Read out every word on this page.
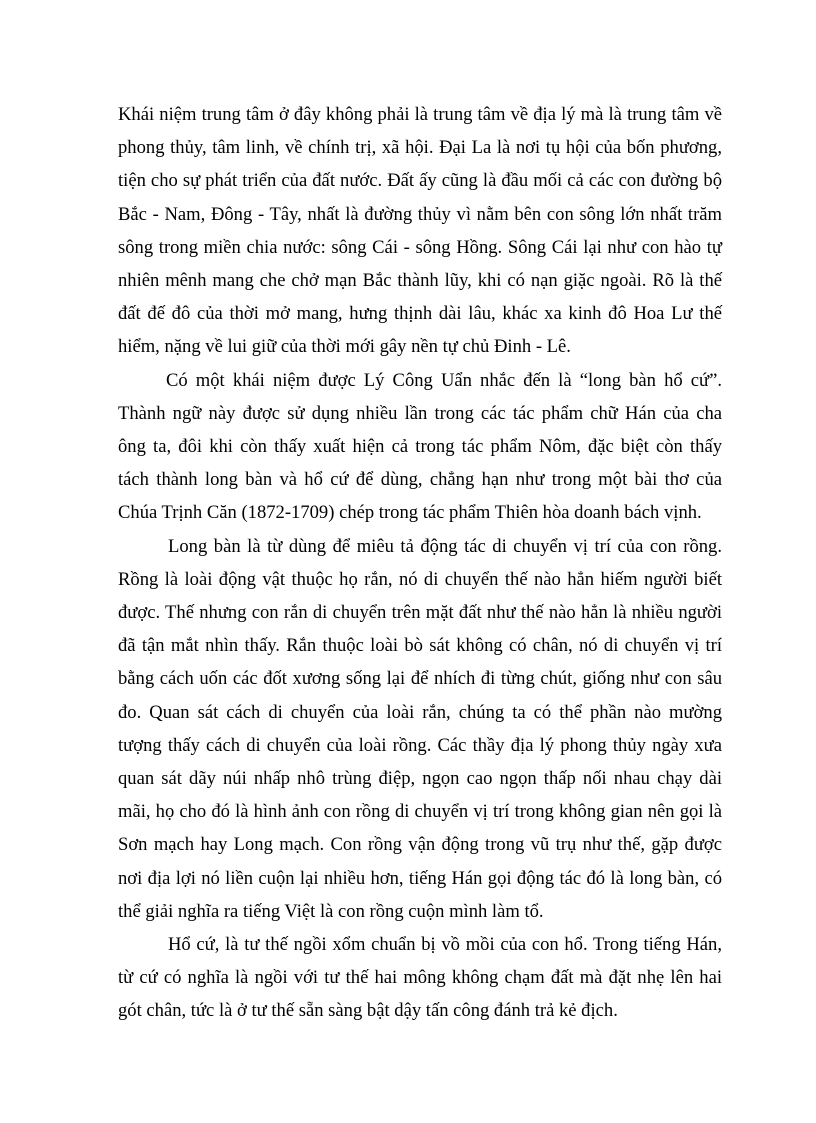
Khái niệm trung tâm ở đây không phải là trung tâm về địa lý mà là trung tâm về
phong thủy, tâm linh, về chính trị, xã hội. Đại La là nơi tụ hội của bốn phương,
tiện cho sự phát triển của đất nước. Đất ấy cũng là đầu mối cả các con đường bộ
Bắc - Nam, Đông - Tây, nhất là đường thủy vì nằm bên con sông lớn nhất trăm
sông trong miền chia nước: sông Cái - sông Hồng. Sông Cái lại như con hào tự
nhiên mênh mang che chở mạn Bắc thành lũy, khi có nạn giặc ngoài. Rõ là thế
đất đế đô của thời mở mang, hưng thịnh dài lâu, khác xa kinh đô Hoa Lư thế
hiểm, nặng về lui giữ của thời mới gây nền tự chủ Đinh - Lê.
Có một khái niệm được Lý Công Uẩn nhắc đến là “long bàn hổ cứ”.
Thành ngữ này được sử dụng nhiều lần trong các tác phẩm chữ Hán của cha
ông ta, đôi khi còn thấy xuất hiện cả trong tác phẩm Nôm, đặc biệt còn thấy
tách thành long bàn và hổ cứ để dùng, chẳng hạn như trong một bài thơ của
Chúa Trịnh Căn (1872-1709) chép trong tác phẩm Thiên hòa doanh bách vịnh.
Long bàn là từ dùng để miêu tả động tác di chuyển vị trí của con rồng.
Rồng là loài động vật thuộc họ rắn, nó di chuyển thế nào hẳn hiếm người biết
được. Thế nhưng con rắn di chuyển trên mặt đất như thế nào hẳn là nhiều người
đã tận mắt nhìn thấy. Rắn thuộc loài bò sát không có chân, nó di chuyển vị trí
bằng cách uốn các đốt xương sống lại để nhích đi từng chút, giống như con sâu
đo. Quan sát cách di chuyển của loài rắn, chúng ta có thể phần nào mường
tượng thấy cách di chuyển của loài rồng. Các thầy địa lý phong thủy ngày xưa
quan sát dãy núi nhấp nhô trùng điệp, ngọn cao ngọn thấp nối nhau chạy dài
mãi, họ cho đó là hình ảnh con rồng di chuyển vị trí trong không gian nên gọi là
Sơn mạch hay Long mạch. Con rồng vận động trong vũ trụ như thế, gặp được
nơi địa lợi nó liền cuộn lại nhiều hơn, tiếng Hán gọi động tác đó là long bàn, có
thể giải nghĩa ra tiếng Việt là con rồng cuộn mình làm tổ.
Hổ cứ, là tư thế ngồi xổm chuẩn bị vồ mồi của con hổ. Trong tiếng Hán,
từ cứ có nghĩa là ngồi với tư thế hai mông không chạm đất mà đặt nhẹ lên hai
gót chân, tức là ở tư thế sẵn sàng bật dậy tấn công đánh trả kẻ địch.
